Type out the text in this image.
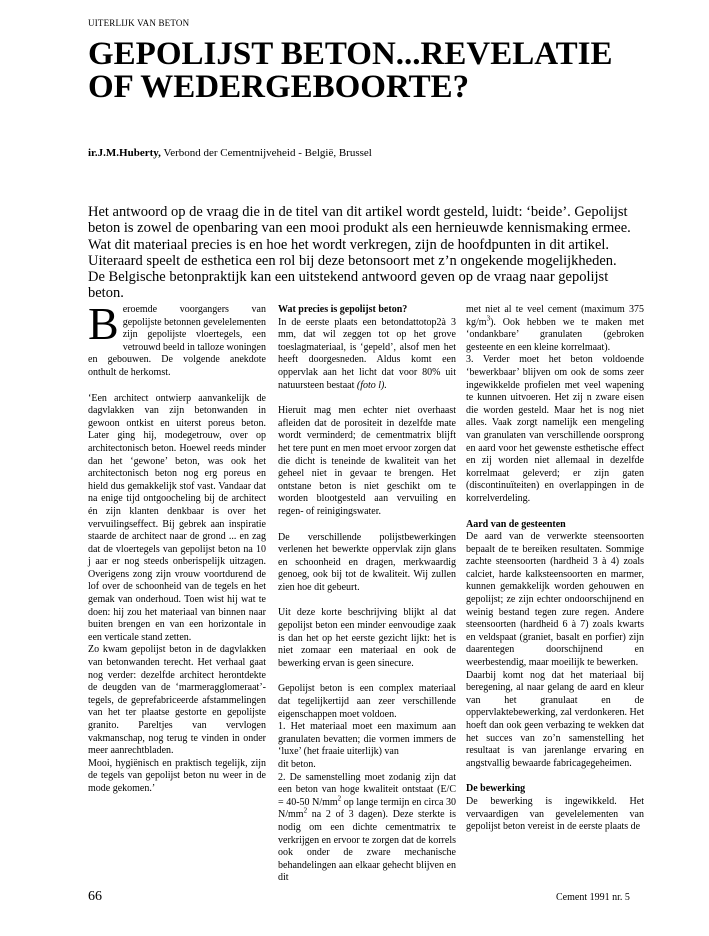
UITERLIJK VAN BETON
GEPOLIJST BETON...REVELATIE
OF WEDERGEBOORTE?
ir.J.M.Huberty, Verbond der Cementnijveheid - België, Brussel

Het antwoord op de vraag die in de titel van dit artikel wordt gesteld, luidt: ‘beide’. Gepolijst beton is zowel de openbaring van een mooi produkt als een hernieuwde kennismaking ermee. Wat dit materiaal precies is en hoe het wordt verkregen, zijn de hoofdpunten in dit artikel. Uiteraard speelt de esthetica een rol bij deze betonsoort met z’n ongekende mogelijkheden. De Belgische betonpraktijk kan een uitstekend antwoord geven op de vraag naar gepolijst beton.

Beroemde voorgangers van gepolijste betonnen gevelelementen zijn gepolijste vloertegels, een vetrouwd beeld in talloze woningen en gebouwen. De volgende anekdote onthult de herkomst.

‘Een architect ontwierp aanvankelijk de dagvlakken van zijn betonwanden in gewoon ontkist en uiterst poreus beton. Later ging hij, modegetrouw, over op architectonisch beton. Hoewel reeds minder dan het ‘gewone’ beton, was ook het architectonisch beton nog erg poreus en hield dus gemakkelijk stof vast. Vandaar dat na enige tijd ontgoocheling bij de architect én zijn klanten denkbaar is over het vervuilingseffect. Bij gebrek aan inspiratie staarde de architect naar de grond ... en zag dat de vloertegels van gepolijst beton na 10 j aar er nog steeds onberispelijk uitzagen. Overigens zong zijn vrouw voortdurend de lof over de schoonheid van de tegels en het gemak van onderhoud. Toen wist hij wat te doen: hij zou het materiaal van binnen naar buiten brengen en van een horizontale in een verticale stand zetten.

Zo kwam gepolijst beton in de dagvlakken van betonwanden terecht. Het verhaal gaat nog verder: dezelfde architect herontdekte de deugden van de ‘marmeragglomeraat’-tegels, de geprefabriceerde afstammelingen van het ter plaatse gestorte en gepolijste granito. Pareltjes van vervlogen vakmanschap, nog terug te vinden in onder meer aanrechtbladen.

Mooi, hygiënisch en praktisch tegelijk, zijn de tegels van gepolijst beton nu weer in de mode gekomen.’

Wat precies is gepolijst beton?

In de eerste plaats een betondattotop2à 3 mm, dat wil zeggen tot op het grove toeslagmateriaal, is ‘gepeld’, alsof men het heeft doorgesneden. Aldus komt een oppervlak aan het licht dat voor 80% uit natuursteen bestaat (foto l).

Hieruit mag men echter niet overhaast afleiden dat de porositeit in dezelfde mate wordt verminderd; de cementmatrix blijft het tere punt en men moet ervoor zorgen dat die dicht is teneinde de kwaliteit van het geheel niet in gevaar te brengen. Het ontstane beton is niet geschikt om te worden blootgesteld aan vervuiling en regen- of reinigingswater.

De verschillende polijstbewerkingen verlenen het bewerkte oppervlak zijn glans en schoonheid en dragen, merkwaardig genoeg, ook bij tot de kwaliteit. Wij zullen zien hoe dit gebeurt.

Uit deze korte beschrijving blijkt al dat gepolijst beton een minder eenvoudige zaak is dan het op het eerste gezicht lijkt: het is niet zomaar een materiaal en ook de bewerking ervan is geen sinecure.

Gepolijst beton is een complex materiaal dat tegelijkertijd aan zeer verschillende eigenschappen moet voldoen.
1. Het materiaal moet een maximum aan granulaten bevatten; die vormen immers de ‘luxe’ (het fraaie uiterlijk) van
dit beton.
2. De samenstelling moet zodanig zijn dat een beton van hoge kwaliteit ontstaat (E/C = 40-50 $N/mm^2$ op lange termijn en circa 30 $N/mm^2$ na 2 of 3 dagen). Deze sterkte is nodig om een dichte cementmatrix te verkrijgen en ervoor te zorgen dat de korrels ook onder de zware mechanische behandelingen aan elkaar gehecht blijven en dit

met niet al te veel cement (maximum 375 $kg/m^3$). Ook hebben we te maken met ‘ondankbare’ granulaten (gebroken gesteente en een kleine korrelmaat).

3. Verder moet het beton voldoende ‘bewerkbaar’ blijven om ook de soms zeer ingewikkelde profielen met veel wapening te kunnen uitvoeren. Het zij n zware eisen die worden gesteld. Maar het is nog niet alles. Vaak zorgt namelijk een mengeling van granulaten van verschillende oorsprong en aard voor het gewenste esthetische effect en zij worden niet allemaal in dezelfde korrelmaat geleverd; er zijn gaten (discontinuïteiten) en overlappingen in de korrelverdeling.

Aard van de gesteenten

De aard van de verwerkte steensoorten bepaalt de te bereiken resultaten. Sommige zachte steensoorten (hardheid 3 à 4) zoals calciet, harde kalksteensoorten en marmer, kunnen gemakkelijk worden gehouwen en gepolijst; ze zijn echter ondoorschijnend en weinig bestand tegen zure regen. Andere steensoorten (hardheid 6 à 7) zoals kwarts en veldspaat (graniet, basalt en porfier) zijn daarentegen doorschijnend en weerbestendig, maar moeilijk te bewerken.

Daarbij komt nog dat het materiaal bij beregening, al naar gelang de aard en kleur van het granulaat en de oppervlaktebewerking, zal verdonkeren. Het hoeft dan ook geen verbazing te wekken dat het succes van zo’n samenstelling het resultaat is van jarenlange ervaring en angstvallig bewaarde fabricagegeheimen.

De bewerking

De bewerking is ingewikkeld. Het vervaardigen van gevelelementen van gepolijst beton vereist in de eerste plaats de

66	Cement 1991 nr. 5
